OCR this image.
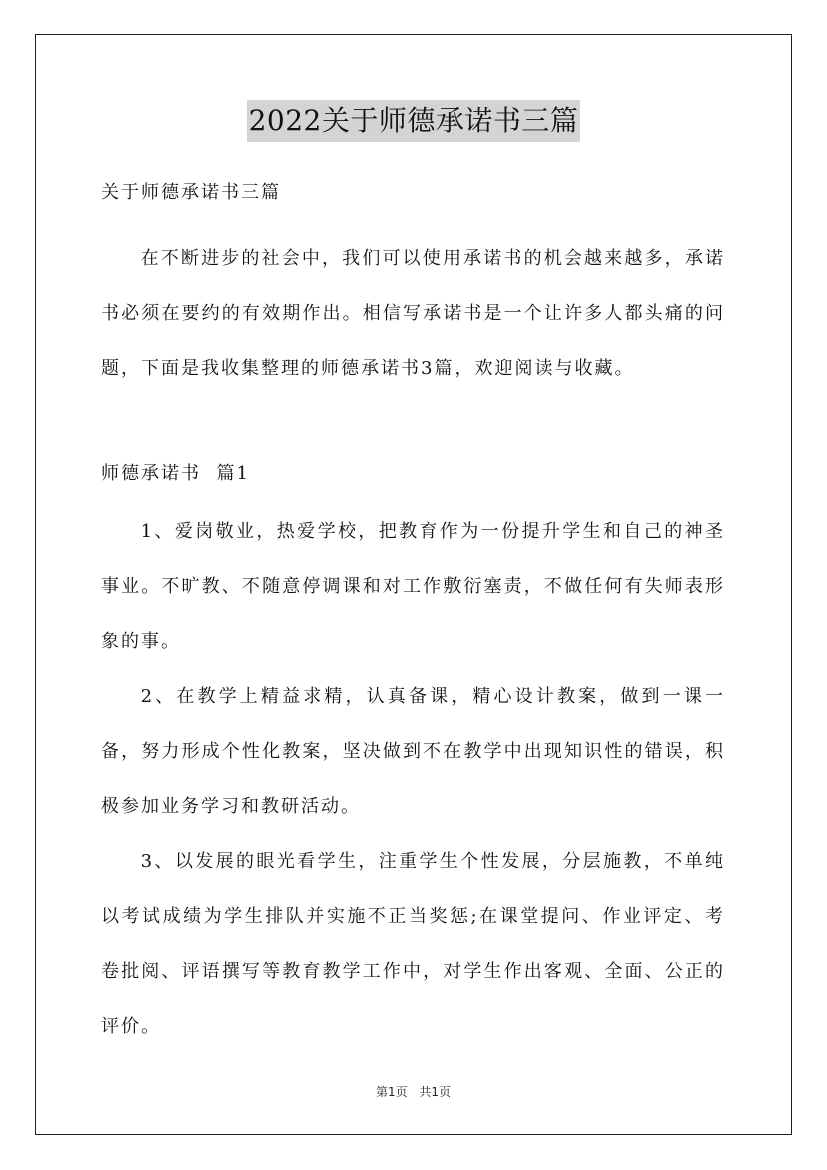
2022关于师德承诺书三篇

关于师德承诺书三篇

在不断进步的社会中，我们可以使用承诺书的机会越来越多，承诺书必须在要约的有效期作出。相信写承诺书是一个让许多人都头痛的问题，下面是我收集整理的师德承诺书3篇，欢迎阅读与收藏。

师德承诺书  篇1

1、爱岗敬业，热爱学校，把教育作为一份提升学生和自己的神圣事业。不旷教、不随意停调课和对工作敷衍塞责，不做任何有失师表形象的事。

2、在教学上精益求精，认真备课，精心设计教案，做到一课一备，努力形成个性化教案，坚决做到不在教学中出现知识性的错误，积极参加业务学习和教研活动。

3、以发展的眼光看学生，注重学生个性发展，分层施教，不单纯以考试成绩为学生排队并实施不正当奖惩;在课堂提问、作业评定、考卷批阅、评语撰写等教育教学工作中，对学生作出客观、全面、公正的评价。

第1页 共1页
